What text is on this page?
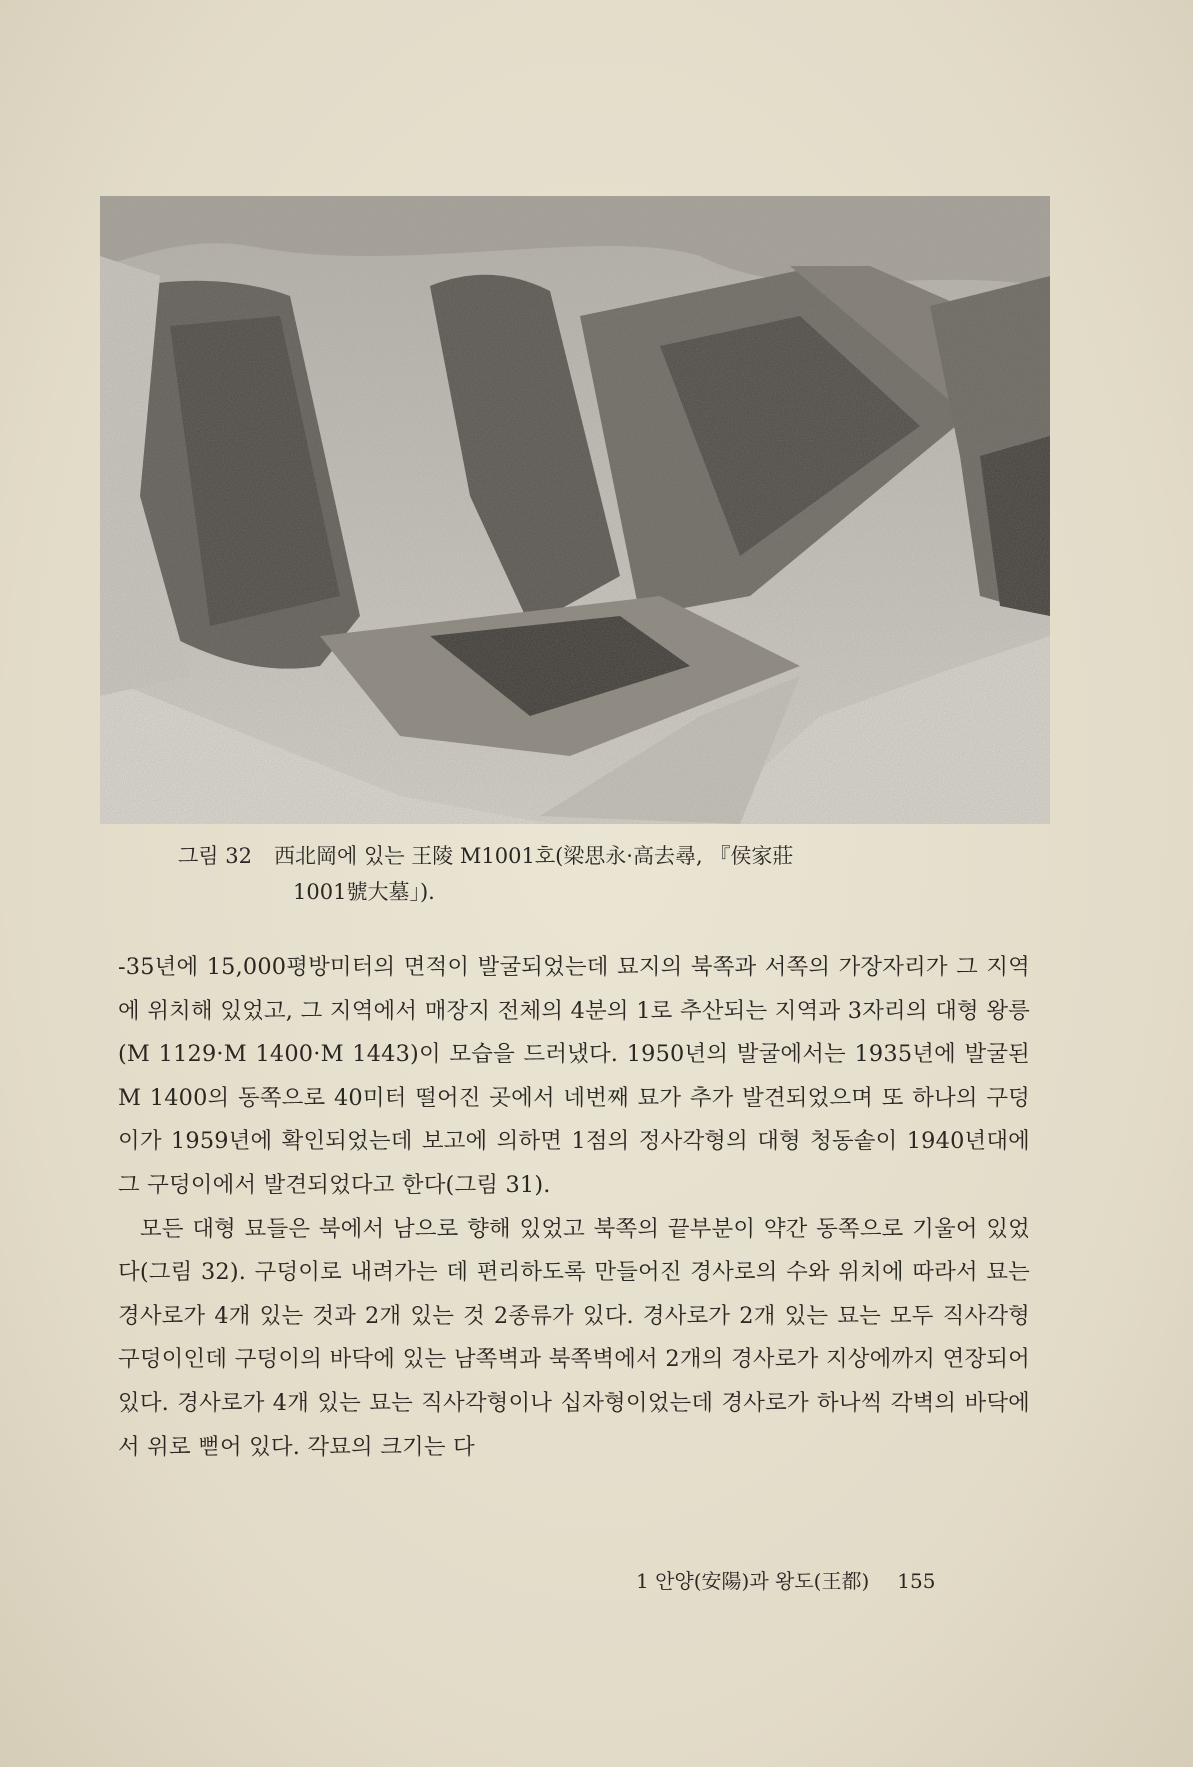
그림 32 西北岡에 있는 王陵 M1001호(梁思永·高去尋, 『侯家莊
1001號大墓」).

-35년에 15,000평방미터의 면적이 발굴되었는데 묘지의 북쪽과 서쪽의 가장자리가 그 지역에 위치해 있었고, 그 지역에서 매장지 전체의 4분의 1로 추산되는 지역과 3자리의 대형 왕릉(M 1129·M 1400·M 1443)이 모습을 드러냈다. 1950년의 발굴에서는 1935년에 발굴된 M 1400의 동쪽으로 40미터 떨어진 곳에서 네번째 묘가 추가 발견되었으며 또 하나의 구덩이가 1959년에 확인되었는데 보고에 의하면 1점의 정사각형의 대형 청동솥이 1940년대에 그 구덩이에서 발견되었다고 한다(그림 31).

모든 대형 묘들은 북에서 남으로 향해 있었고 북쪽의 끝부분이 약간 동쪽으로 기울어 있었다(그림 32). 구덩이로 내려가는 데 편리하도록 만들어진 경사로의 수와 위치에 따라서 묘는 경사로가 4개 있는 것과 2개 있는 것 2종류가 있다. 경사로가 2개 있는 묘는 모두 직사각형 구덩이인데 구덩이의 바닥에 있는 남쪽벽과 북쪽벽에서 2개의 경사로가 지상에까지 연장되어 있다. 경사로가 4개 있는 묘는 직사각형이나 십자형이었는데 경사로가 하나씩 각벽의 바닥에서 위로 뻗어 있다. 각묘의 크기는 다

1 안양(安陽)과 왕도(王都) 155
